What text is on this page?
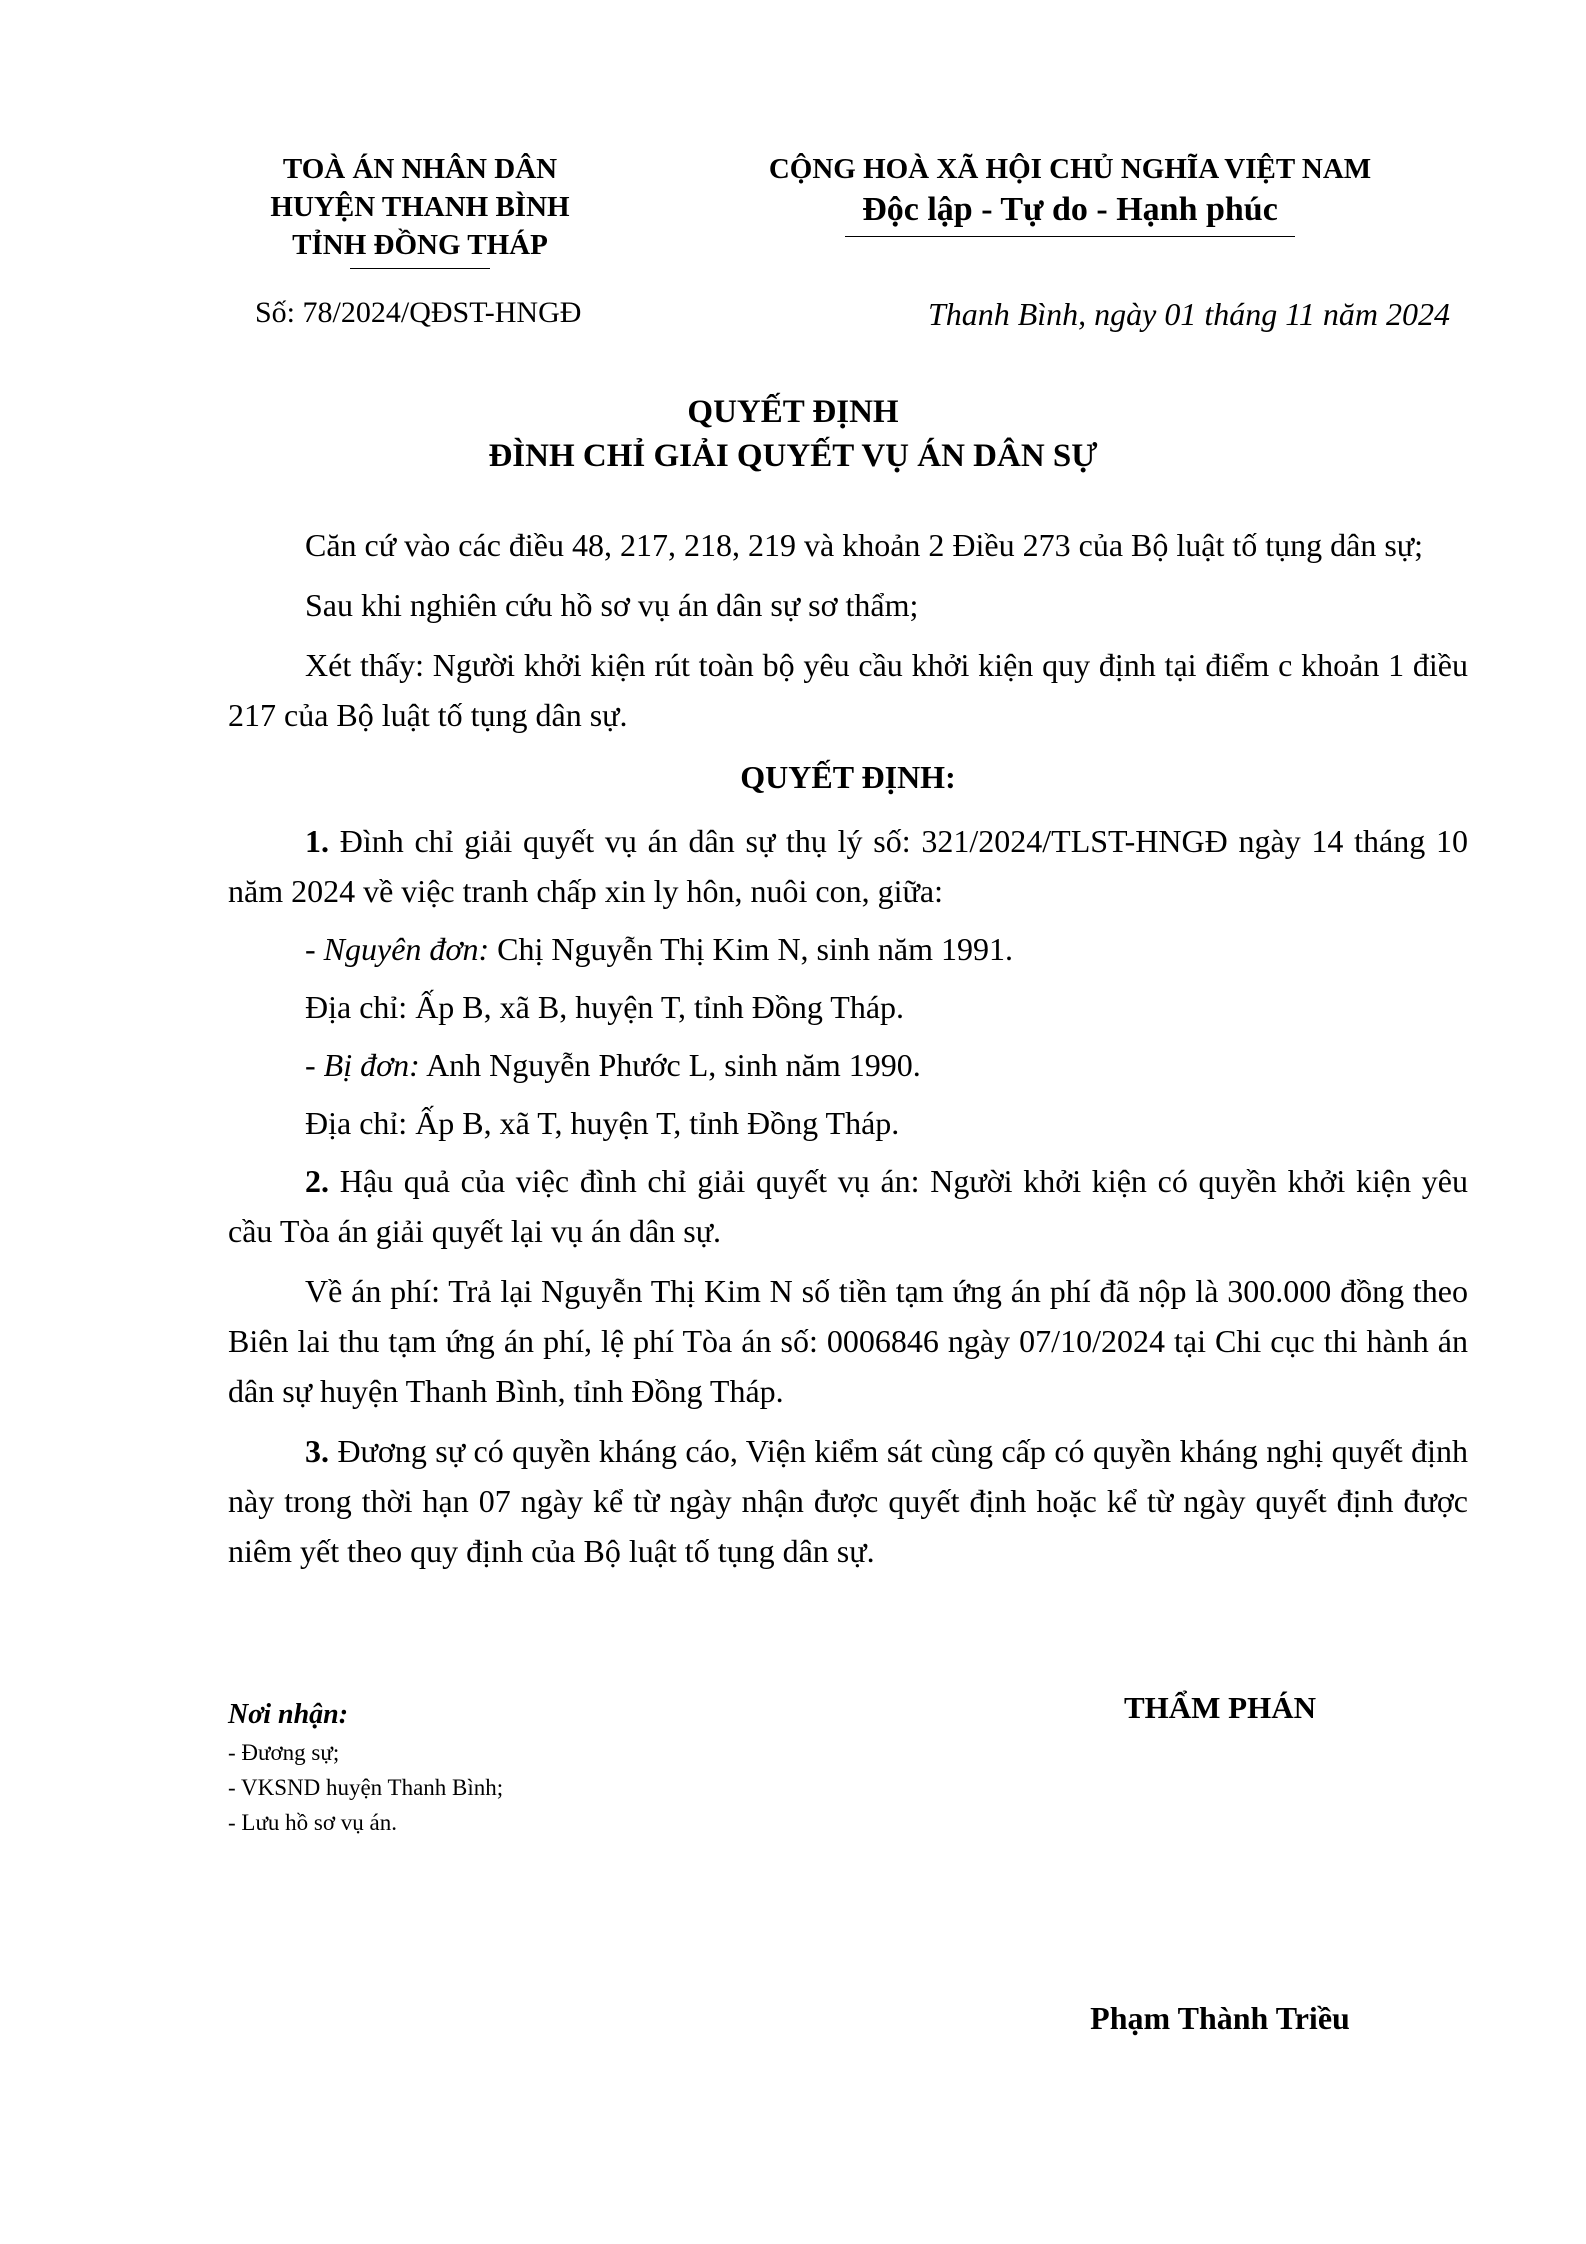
TOÀ ÁN NHÂN DÂN
HUYỆN THANH BÌNH
TỈNH ĐỒNG THÁP
Số: 78/2024/QĐST-HNGĐ
CỘNG HOÀ XÃ HỘI CHỦ NGHĨA VIỆT NAM
Độc lập - Tự do - Hạnh phúc
Thanh Bình, ngày 01 tháng 11 năm 2024
QUYẾT ĐỊNH
ĐÌNH CHỈ GIẢI QUYẾT VỤ ÁN DÂN SỰ

Căn cứ vào các điều 48, 217, 218, 219 và khoản 2 Điều 273 của Bộ luật tố tụng dân sự;

Sau khi nghiên cứu hồ sơ vụ án dân sự sơ thẩm;

Xét thấy: Người khởi kiện rút toàn bộ yêu cầu khởi kiện quy định tại điểm c khoản 1 điều 217 của Bộ luật tố tụng dân sự.

QUYẾT ĐỊNH:

1. Đình chỉ giải quyết vụ án dân sự thụ lý số: 321/2024/TLST-HNGĐ ngày 14 tháng 10 năm 2024 về việc tranh chấp xin ly hôn, nuôi con, giữa:

- Nguyên đơn: Chị Nguyễn Thị Kim N, sinh năm 1991.

Địa chỉ: Ấp B, xã B, huyện T, tỉnh Đồng Tháp.

- Bị đơn: Anh Nguyễn Phước L, sinh năm 1990.

Địa chỉ: Ấp B, xã T, huyện T, tỉnh Đồng Tháp.

2. Hậu quả của việc đình chỉ giải quyết vụ án: Người khởi kiện có quyền khởi kiện yêu cầu Tòa án giải quyết lại vụ án dân sự.

Về án phí: Trả lại Nguyễn Thị Kim N số tiền tạm ứng án phí đã nộp là 300.000 đồng theo Biên lai thu tạm ứng án phí, lệ phí Tòa án số: 0006846 ngày 07/10/2024 tại Chi cục thi hành án dân sự huyện Thanh Bình, tỉnh Đồng Tháp.

3. Đương sự có quyền kháng cáo, Viện kiểm sát cùng cấp có quyền kháng nghị quyết định này trong thời hạn 07 ngày kể từ ngày nhận được quyết định hoặc kể từ ngày quyết định được niêm yết theo quy định của Bộ luật tố tụng dân sự.

Nơi nhận:
- Đương sự;
- VKSND huyện Thanh Bình;
- Lưu hồ sơ vụ án.
THẨM PHÁN
Phạm Thành Triều
